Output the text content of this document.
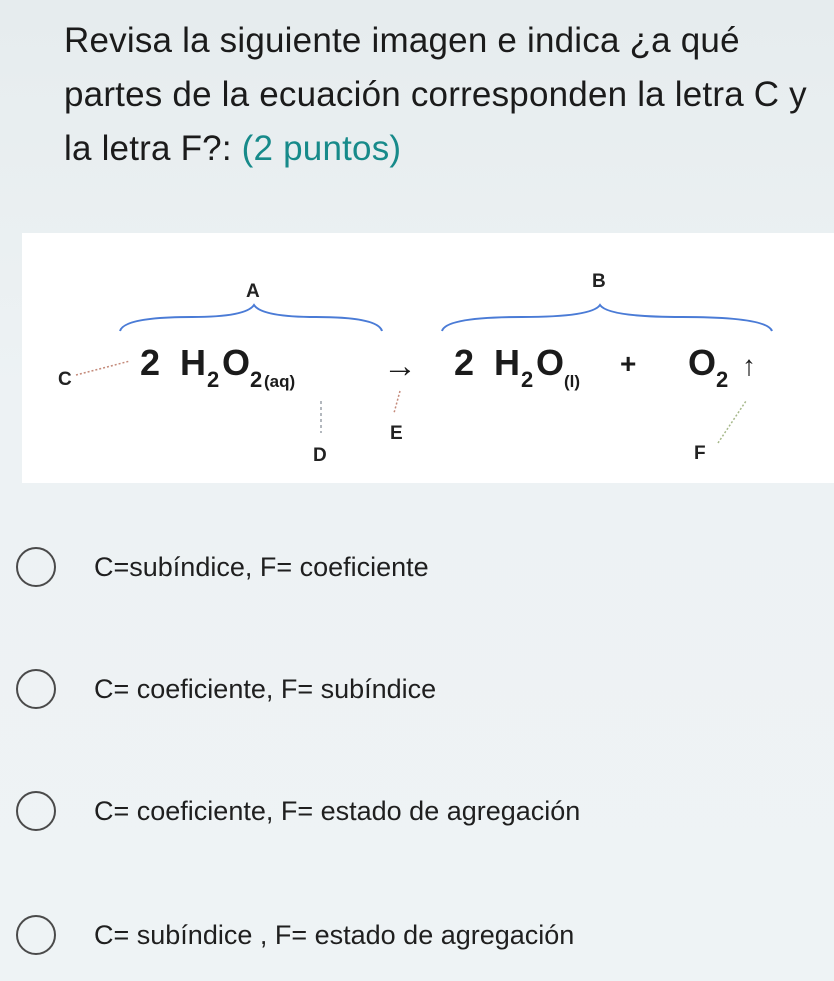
Revisa la siguiente imagen e indica ¿a qué partes de la ecuación corresponden la letra C y la letra F?: (2 puntos)
A	B
C 2 H 2 O 2 (aq)
D
→
E
2 H 2 O (l)
+ O 2 ↑
F
C=subíndice, F= coeficiente
C= coeficiente, F= subíndice
C= coeficiente, F= estado de agregación
C= subíndice , F= estado de agregación
